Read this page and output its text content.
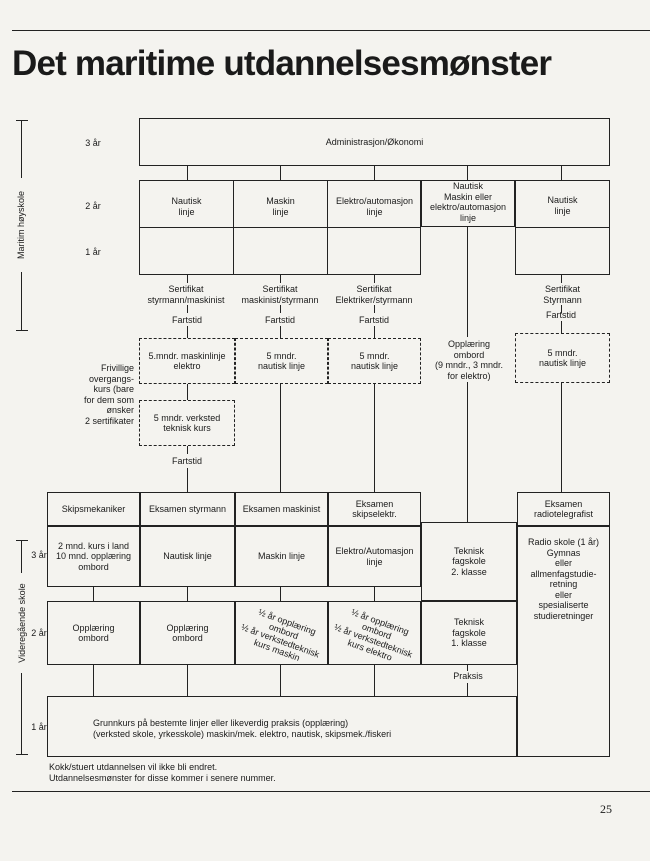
Det maritime utdannelsesmønster
Maritim høyskole
Videregående skole
3 år
2 år
1 år
3 år
2 år
1 år
Administrasjon/Økonomi
Nautisk
linje
Maskin
linje
Elektro/automasjon
linje
Nautisk
Maskin eller
elektro/automasjon
linje
Nautisk
linje
Sertifikat
styrmann/maskinist
Sertifikat
maskinist/styrmann
Sertifikat
Elektriker/styrmann
Sertifikat
Styrmann
Fartstid	Fartstid	Fartstid	Fartstid
Frivillige
overgangs-
kurs (bare
for dem som
ønsker
2 sertifikater
5.mndr. maskinlinje
elektro
5 mndr.
nautisk linje
5 mndr.
nautisk linje
Opplæring
ombord
(9 mndr., 3 mndr.
for elektro)
5 mndr.
nautisk linje
5 mndr. verksted
teknisk kurs
Fartstid
Skipsmekaniker	Eksamen styrmann Eksamen maskinist
Eksamen
skipselektr.
Eksamen
radiotelegrafist
2 mnd. kurs i land
10 mnd. opplæring
ombord
Nautisk linje	Maskin linje
Elektro/Automasjon
linje
Teknisk
fagskole
2. klasse
Radio skole (1 år)
Gymnas
eller
allmenfagstudie-
retning
eller
spesialiserte
studieretninger
Opplæring
ombord
Opplæring
ombord
½ år opplæring
ombord
½ år verkstedteknisk
kurs maskin
½ år opplæring
ombord
½ år verkstedteknisk
kurs elektro
Teknisk
fagskole
1. klasse
Praksis
Grunnkurs på bestemte linjer eller likeverdig praksis (opplæring)
(verksted skole, yrkesskole) maskin/mek. elektro, nautisk, skipsmek./fiskeri
Kokk/stuert utdannelsen vil ikke bli endret.
Utdannelsesmønster for disse kommer i senere nummer.
25
